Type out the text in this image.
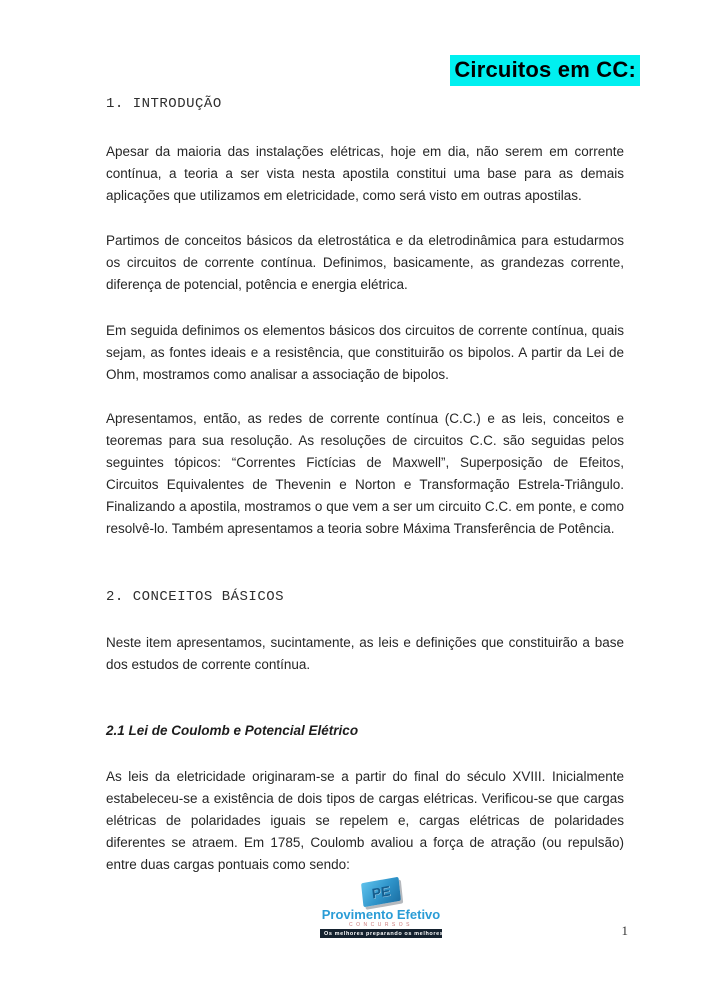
Circuitos em CC:
1. INTRODUÇÃO

Apesar da maioria das instalações elétricas, hoje em dia, não serem em corrente contínua, a teoria a ser vista nesta apostila constitui uma base para as demais aplicações que utilizamos em eletricidade, como será visto em outras apostilas.

Partimos de conceitos básicos da eletrostática e da eletrodinâmica para estudarmos os circuitos de corrente contínua. Definimos, basicamente, as grandezas corrente, diferença de potencial, potência e energia elétrica.

Em seguida definimos os elementos básicos dos circuitos de corrente contínua, quais sejam, as fontes ideais e a resistência, que constituirão os bipolos. A partir da Lei de Ohm, mostramos como analisar a associação de bipolos.

Apresentamos, então, as redes de corrente contínua (C.C.) e as leis, conceitos e teoremas para sua resolução. As resoluções de circuitos C.C. são seguidas pelos seguintes tópicos: “Correntes Fictícias de Maxwell”, Superposição de Efeitos, Circuitos Equivalentes de Thevenin e Norton e Transformação Estrela-Triângulo. Finalizando a apostila, mostramos o que vem a ser um circuito C.C. em ponte, e como resolvê-lo. Também apresentamos a teoria sobre Máxima Transferência de Potência.

2. CONCEITOS BÁSICOS

Neste item apresentamos, sucintamente, as leis e definições que constituirão a base dos estudos de corrente contínua.

2.1 Lei de Coulomb e Potencial Elétrico

As leis da eletricidade originaram-se a partir do final do século XVIII. Inicialmente estabeleceu-se a existência de dois tipos de cargas elétricas. Verificou-se que cargas elétricas de polaridades iguais se repelem e, cargas elétricas de polaridades diferentes se atraem. Em 1785, Coulomb avaliou a força de atração (ou repulsão) entre duas cargas pontuais como sendo:

PE
Provimento Efetivo
CONCURSOS
Os melhores preparando os melhores	1
